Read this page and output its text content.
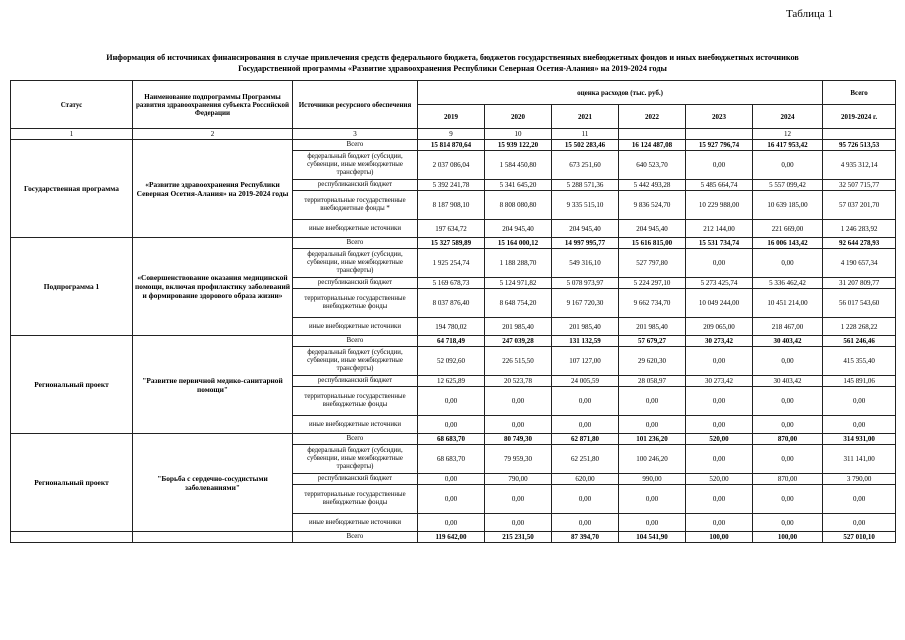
Таблица 1
Информация об источниках финансирования в случае привлечения средств федерального бюджета, бюджетов государственных внебюджетных фондов и иных внебюджетных источников
Государственной программы «Развитие здравоохранения Республики Северная Осетия-Алания» на 2019-2024 годы
Статус	Наименование подпрограммы Программы развития здравоохранения субъекта Российской Федерации	Источники ресурсного обеспечения	оценка расходов (тыс. руб.)						Всего
			2019	2020	2021	2022	2023	2024	2019-2024 г.
1	2	3	9	10	11			12	
Государственная программа	«Развитие здравоохранения Республики Северная Осетия-Алания» на 2019-2024 годы	Всего	15 814 870,64	15 939 122,20	15 502 283,46	16 124 487,08	15 927 796,74	16 417 953,42	95 726 513,53
		федеральный бюджет (субсидии, субвенции, иные межбюджетные трансферты)	2 037 086,04	1 584 450,80	673 251,60	640 523,70	0,00	0,00	4 935 312,14
		республиканский бюджет	5 392 241,78	5 341 645,20	5 288 571,36	5 442 493,28	5 485 664,74	5 557 099,42	32 507 715,77
		территориальные государственные внебюджетные фонды *	8 187 908,10	8 808 080,80	9 335 515,10	9 836 524,70	10 229 988,00	10 639 185,00	57 037 201,70
		иные внебюджетные источники	197 634,72	204 945,40	204 945,40	204 945,40	212 144,00	221 669,00	1 246 283,92
Подпрограмма 1	«Совершенствование оказания медицинской помощи, включая профилактику заболеваний и формирование здорового образа жизни»	Всего	15 327 589,89	15 164 000,12	14 997 995,77	15 616 815,00	15 531 734,74	16 006 143,42	92 644 278,93
		федеральный бюджет (субсидии, субвенции, иные межбюджетные трансферты)	1 925 254,74	1 188 288,70	549 316,10	527 797,80	0,00	0,00	4 190 657,34
		республиканский бюджет	5 169 678,73	5 124 971,82	5 078 973,97	5 224 297,10	5 273 425,74	5 336 462,42	31 207 809,77
		территориальные государственные внебюджетные фонды	8 037 876,40	8 648 754,20	9 167 720,30	9 662 734,70	10 049 244,00	10 451 214,00	56 017 543,60
		иные внебюджетные источники	194 780,02	201 985,40	201 985,40	201 985,40	209 065,00	218 467,00	1 228 268,22
Региональный проект	"Развитие первичной медико-санитарной помощи"	Всего	64 718,49	247 039,28	131 132,59	57 679,27	30 273,42	30 403,42	561 246,46
		федеральный бюджет (субсидии, субвенции, иные межбюджетные трансферты)	52 092,60	226 515,50	107 127,00	29 620,30	0,00	0,00	415 355,40
		республиканский бюджет	12 625,89	20 523,78	24 005,59	28 058,97	30 273,42	30 403,42	145 891,06
		территориальные государственные внебюджетные фонды	0,00	0,00	0,00	0,00	0,00	0,00	0,00
		иные внебюджетные источники	0,00	0,00	0,00	0,00	0,00	0,00	0,00
Региональный проект	"Борьба с сердечно-сосудистыми заболеваниями"	Всего	68 683,70	80 749,30	62 871,80	101 236,20	520,00	870,00	314 931,00
		федеральный бюджет (субсидии, субвенции, иные межбюджетные трансферты)	68 683,70	79 959,30	62 251,80	100 246,20	0,00	0,00	311 141,00
		республиканский бюджет	0,00	790,00	620,00	990,00	520,00	870,00	3 790,00
		территориальные государственные внебюджетные фонды	0,00	0,00	0,00	0,00	0,00	0,00	0,00
		иные внебюджетные источники	0,00	0,00	0,00	0,00	0,00	0,00	0,00
		Всего	119 642,00	215 231,50	87 394,70	104 541,90	100,00	100,00	527 010,10
